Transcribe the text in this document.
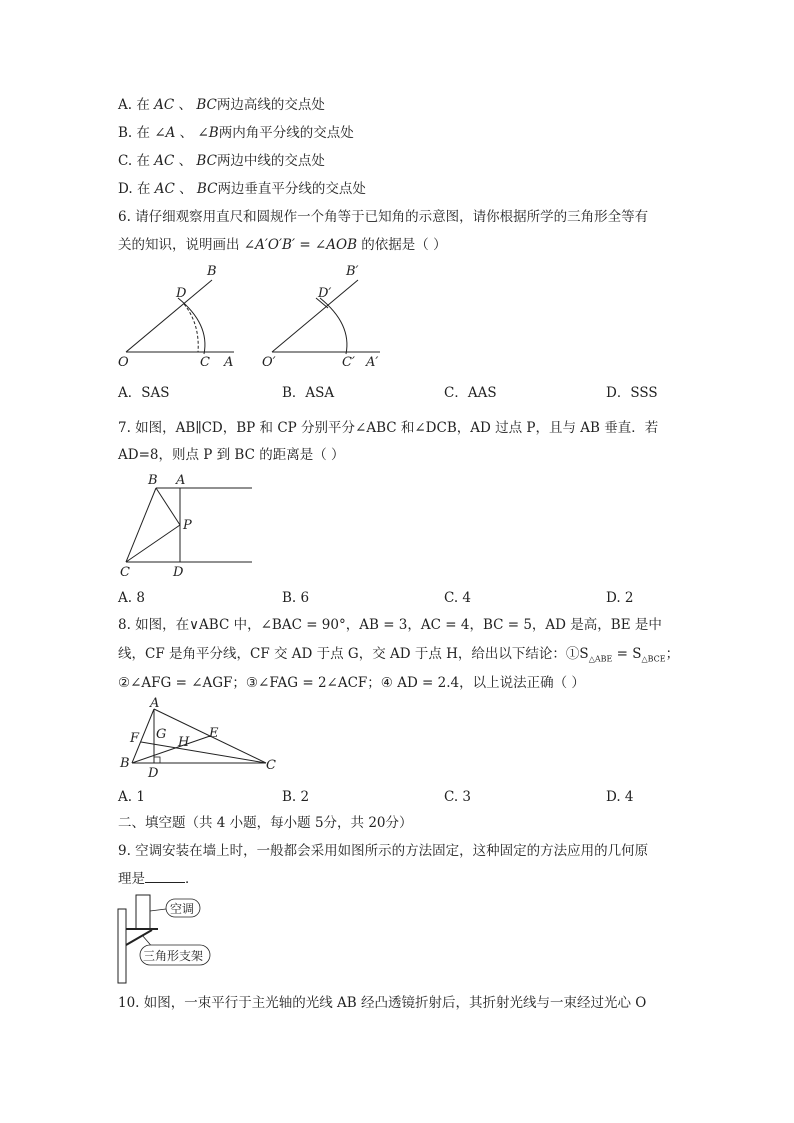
A. 在 AC 、 BC两边高线的交点处
B. 在 ∠A 、 ∠B两内角平分线的交点处
C. 在 AC 、 BC两边中线的交点处
D. 在 AC 、 BC两边垂直平分线的交点处
6. 请仔细观察用直尺和圆规作一个角等于已知角的示意图，请你根据所学的三角形全等有
关的知识，说明画出 ∠A′O′B′ = ∠AOB 的依据是（ ）
B
D
O	C A
B′
D′
O′	C′ A′
A．SAS	B．ASA	C．AAS	D．SSS
7. 如图，AB∥CD，BP 和 CP 分别平分∠ABC 和∠DCB，AD 过点 P，且与 AB 垂直．若
AD=8，则点 P 到 BC 的距离是（ ）
B A
P
C	D
A. 8	B. 6	C. 4	D. 2
8. 如图，在∨ABC 中，∠BAC = 90°，AB = 3，AC = 4，BC = 5，AD 是高，BE 是中
线，CF 是角平分线，CF 交 AD 于点 G，交 AD 于点 H，给出以下结论：$①S_{\triangle ABE} = S_{\triangle BCE}$；
②∠AFG = ∠AGF；③∠FAG = 2∠ACF；④ AD = 2.4，以上说法正确（ ）
A
F G
H
E
B
D
C
A. 1	B. 2	C. 3	D. 4
二、填空题（共 4 小题，每小题 5分，共 20分）
9. 空调安装在墙上时，一般都会采用如图所示的方法固定，这种固定的方法应用的几何原
理是	．
空调
三角形支架
10. 如图，一束平行于主光轴的光线 AB 经凸透镜折射后，其折射光线与一束经过光心 O
